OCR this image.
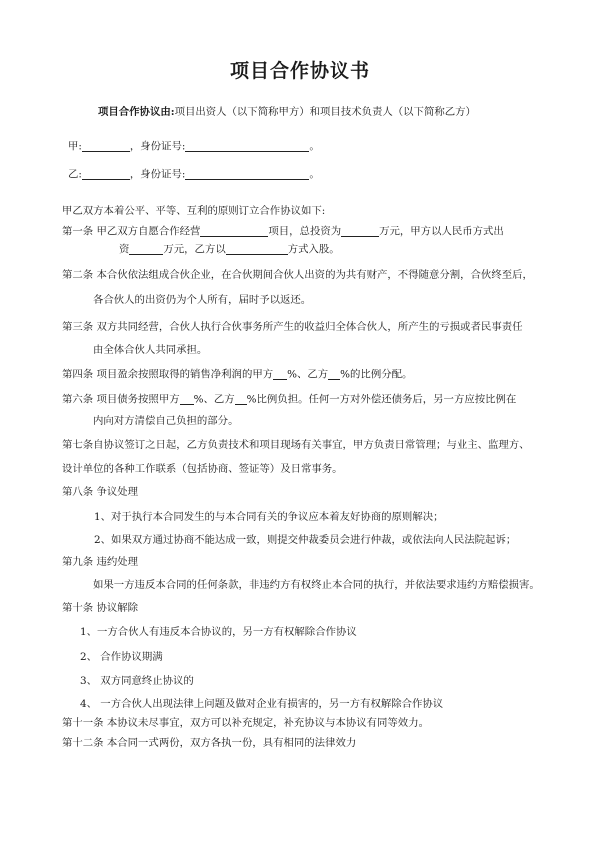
项目合作协议书
项目合作协议由:项目出资人（以下简称甲方）和项目技术负责人（以下简称乙方）
甲:	，身份证号:	。
乙:	，身份证号:	。
甲乙双方本着公平、平等、互利的原则订立合作协议如下:
第一条 甲乙双方自愿合作经营	项目，总投资为	万元，甲方以人民币方式出
资	万元，乙方以	方式入股。
第二条 本合伙依法组成合伙企业，在合伙期间合伙人出资的为共有财产，不得随意分割，合伙终至后，
各合伙人的出资仍为个人所有，届时予以返还。
第三条 双方共同经营，合伙人执行合伙事务所产生的收益归全体合伙人，所产生的亏损或者民事责任
由全体合伙人共同承担。
第四条 项目盈余按照取得的销售净利润的甲方 %、乙方 %的比例分配。
第六条 项目债务按照甲方 %、乙方 %比例负担。任何一方对外偿还债务后，另一方应按比例在
内向对方清偿自己负担的部分。
第七条自协议签订之日起，乙方负责技术和项目现场有关事宜，甲方负责日常管理；与业主、监理方、
设计单位的各种工作联系（包括协商、签证等）及日常事务。
第八条 争议处理
1、对于执行本合同发生的与本合同有关的争议应本着友好协商的原则解决；
2、如果双方通过协商不能达成一致，则提交仲裁委员会进行仲裁，或依法向人民法院起诉；
第九条 违约处理
如果一方违反本合同的任何条款，非违约方有权终止本合同的执行，并依法要求违约方赔偿损害。
第十条 协议解除
1、一方合伙人有违反本合协议的，另一方有权解除合作协议
2、 合作协议期满
3、 双方同意终止协议的
4、 一方合伙人出现法律上问题及做对企业有损害的，另一方有权解除合作协议
第十一条 本协议未尽事宜，双方可以补充规定，补充协议与本协议有同等效力。
第十二条 本合同一式两份，双方各执一份，具有相同的法律效力
